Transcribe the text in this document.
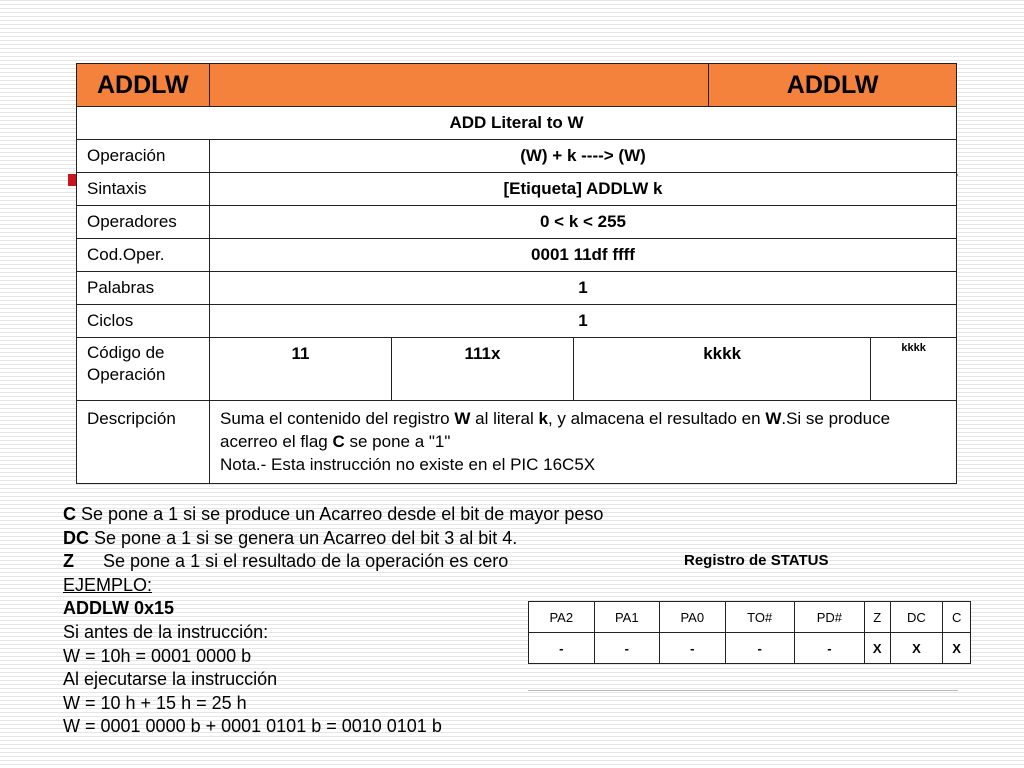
ADDLW				ADDLW	
ADD Literal to W					
Operación	(W) + k ----> (W)				
Sintaxis	[Etiqueta] ADDLW k				
Operadores	0 < k < 255				
Cod.Oper.	0001 11df ffff				
Palabras	1				
Ciclos	1				
Código de
Operación	11	111x	kkkk		kkkk
Descripción	Suma el contenido del registro W al literal k, y almacena el resultado en W.Si se produce acerreo el flag C se pone a "1"
Nota.- Esta instrucción no existe en el PIC 16C5X				
C Se pone a 1 si se produce un Acarreo desde el bit de mayor peso
DC Se pone a 1 si se genera un Acarreo del bit 3 al bit 4.
Z Se pone a 1 si el resultado de la operación es cero
EJEMPLO:
ADDLW 0x15
Si antes de la instrucción:
W = 10h = 0001 0000 b
Al ejecutarse la instrucción
W = 10 h + 15 h = 25 h
W = 0001 0000 b + 0001 0101 b = 0010 0101 b
Registro de STATUS
PA2	PA1	PA0	TO#	PD#	Z	DC	C
-	-	-	-	-	X	X	X
